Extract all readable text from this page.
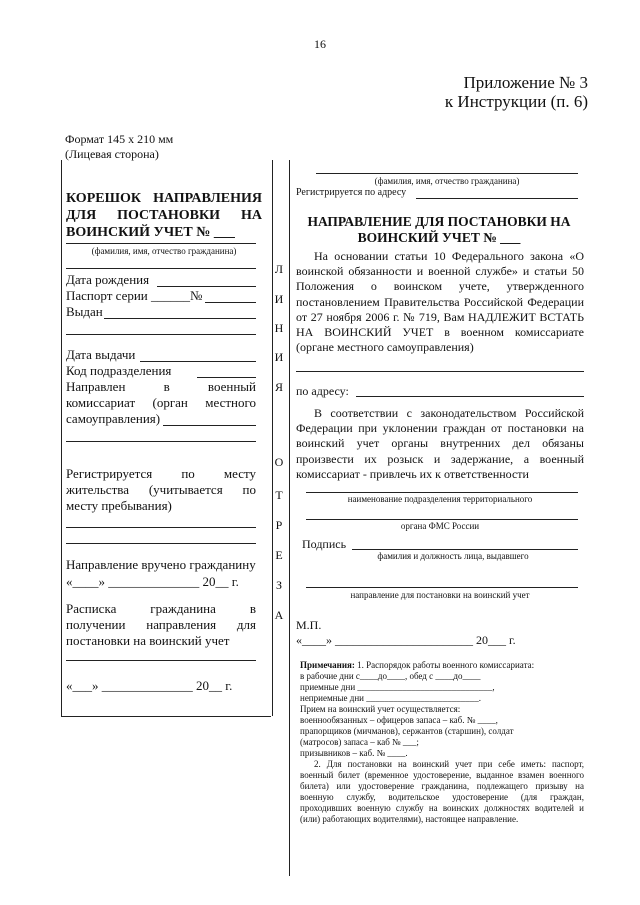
16
Приложение № 3
к Инструкции (п. 6)
Формат 145 х 210 мм
(Лицевая сторона)
КОРЕШОК НАПРАВЛЕНИЯ
ДЛЯ ПОСТАНОВКИ НА
ВОИНСКИЙ УЧЕТ № ___
(фамилия, имя, отчество гражданина)
Дата рождения
Паспорт серии ______№
Выдан
Дата выдачи
Код подразделения
Направлен в военный комиссариат (орган местного самоуправления)
Регистрируется по месту жительства (учитывается по месту пребывания)
Направление вручено гражданину
«____» ______________ 20__ г.
Расписка гражданина в получении направления для постановки на воинский учет
«___» ______________ 20__ г.
Л
И
Н
И
Я
О
Т
Р
Е
З
А
(фамилия, имя, отчество гражданина)
Регистрируется по адресу
НАПРАВЛЕНИЕ ДЛЯ ПОСТАНОВКИ НА
ВОИНСКИЙ УЧЕТ № ___
На основании статьи 10 Федерального закона «О воинской обязанности и военной службе» и статьи 50 Положения о воинском учете, утвержденного постановлением Правительства Российской Федерации от 27 ноября 2006 г. № 719, Вам НАДЛЕЖИТ ВСТАТЬ НА ВОИНСКИЙ УЧЕТ в военном комиссариате (органе местного самоуправления)
по адресу:
В соответствии с законодательством Российской Федерации при уклонении граждан от постановки на воинский учет органы внутренних дел обязаны произвести их розыск и задержание, а военный комиссариат - привлечь их к ответственности
наименование подразделения территориального
органа ФМС России
Подпись
фамилия и должность лица, выдавшего
направление для постановки на воинский учет
М.П.
«____» _______________________ 20___ г.
Примечания: 1. Распорядок работы военного комиссариата:
в рабочие дни с____до____, обед с ____до____
приемные дни ______________________________,
неприемные дни _________________________.
Прием на воинский учет осуществляется:
военнообязанных – офицеров запаса – каб. № ____,
прапорщиков (мичманов), сержантов (старшин), солдат
(матросов) запаса – каб № ___;
призывников – каб. № ____.
2. Для постановки на воинский учет при себе иметь: паспорт, военный билет (временное удостоверение, выданное взамен военного билета) или удостоверение гражданина, подлежащего призыву на военную службу, водительское удостоверение (для граждан, проходивших военную службу на воинских должностях водителей и (или) работающих водителями), настоящее направление.
